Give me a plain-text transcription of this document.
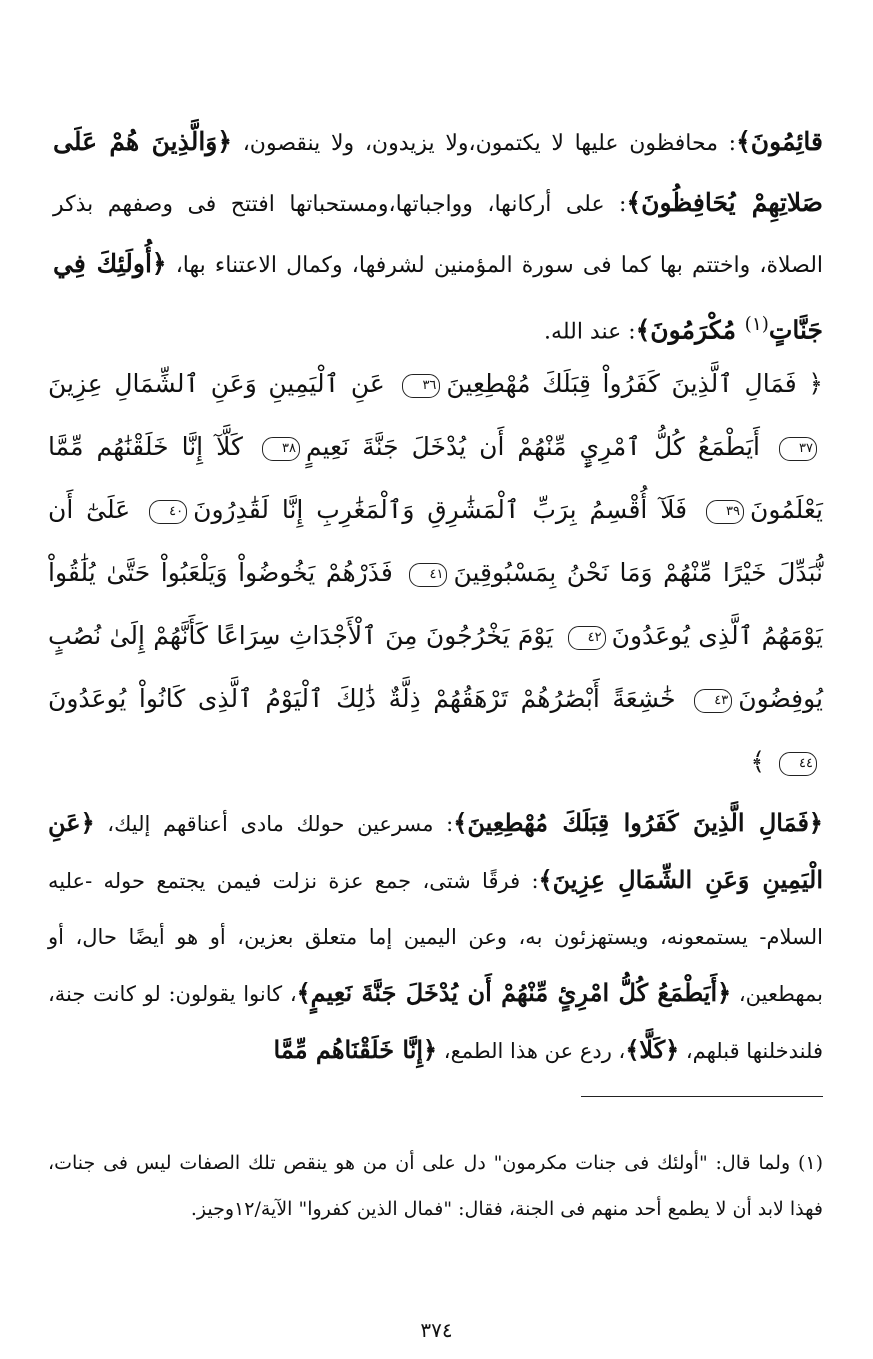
قائِمُونَ﴾: محافظون عليها لا يكتمون،ولا يزيدون، ولا ينقصون، ﴿وَالَّذِينَ هُمْ عَلَى صَلاتِهِمْ يُحَافِظُونَ﴾: على أركانها، وواجباتها،ومستحباتها افتتح فى وصفهم بذكر الصلاة، واختتم بها كما فى سورة المؤمنين لشرفها، وكمال الاعتناء بها، ﴿أُولَئِكَ فِي جَنَّاتٍ$^{(١)}$ مُكْرَمُونَ﴾: عند الله.
﴿ فَمَالِ ٱلَّذِينَ كَفَرُواْ قِبَلَكَ مُهْطِعِينَ٣٦ عَنِ ٱلْيَمِينِ وَعَنِ ٱلشِّمَالِ عِزِينَ٣٧ أَيَطْمَعُ كُلُّ ٱمْرِيٍٕ مِّنْهُمْ أَن يُدْخَلَ جَنَّةَ نَعِيمٍ٣٨ كَلَّآ إِنَّا خَلَقْنَٰهُم مِّمَّا يَعْلَمُونَ٣٩ فَلَآ أُقْسِمُ بِرَبِّ ٱلْمَشَٰرِقِ وَٱلْمَغَٰرِبِ إِنَّا لَقَٰدِرُونَ٤٠ عَلَىٰٓ أَن نُّبَدِّلَ خَيْرًا مِّنْهُمْ وَمَا نَحْنُ بِمَسْبُوقِينَ٤١ فَذَرْهُمْ يَخُوضُواْ وَيَلْعَبُواْ حَتَّىٰ يُلَٰقُواْ يَوْمَهُمُ ٱلَّذِى يُوعَدُونَ٤٢ يَوْمَ يَخْرُجُونَ مِنَ ٱلْأَجْدَاثِ سِرَاعًا كَأَنَّهُمْ إِلَىٰ نُصُبٍ يُوفِضُونَ٤٣ خَٰشِعَةً أَبْصَٰرُهُمْ تَرْهَقُهُمْ ذِلَّةٌ ذَٰلِكَ ٱلْيَوْمُ ٱلَّذِى كَانُواْ يُوعَدُونَ٤٤ ﴾
﴿فَمَالِ الَّذِينَ كَفَرُوا قِبَلَكَ مُهْطِعِينَ﴾: مسرعين حولك مادى أعناقهم إليك، ﴿عَنِ الْيَمِينِ وَعَنِ الشِّمَالِ عِزِينَ﴾: فرقًا شتى، جمع عزة نزلت فيمن يجتمع حوله -عليه السلام- يستمعونه، ويستهزئون به، وعن اليمين إما متعلق بعزين، أو هو أيضًا حال، أو بمهطعين، ﴿أَيَطْمَعُ كُلُّ امْرِئٍ مِّنْهُمْ أَن يُدْخَلَ جَنَّةَ نَعِيمٍ﴾، كانوا يقولون: لو كانت جنة، فلندخلنها قبلهم، ﴿كَلَّا﴾، ردع عن هذا الطمع، ﴿إِنَّا خَلَقْنَاهُم مِّمَّا
(١) ولما قال: "أولئك فى جنات مكرمون" دل على أن من هو ينقص تلك الصفات ليس فى جنات، فهذا لابد أن لا يطمع أحد منهم فى الجنة، فقال: "فمال الذين كفروا" الآية/١٢وجيز.
٣٧٤
